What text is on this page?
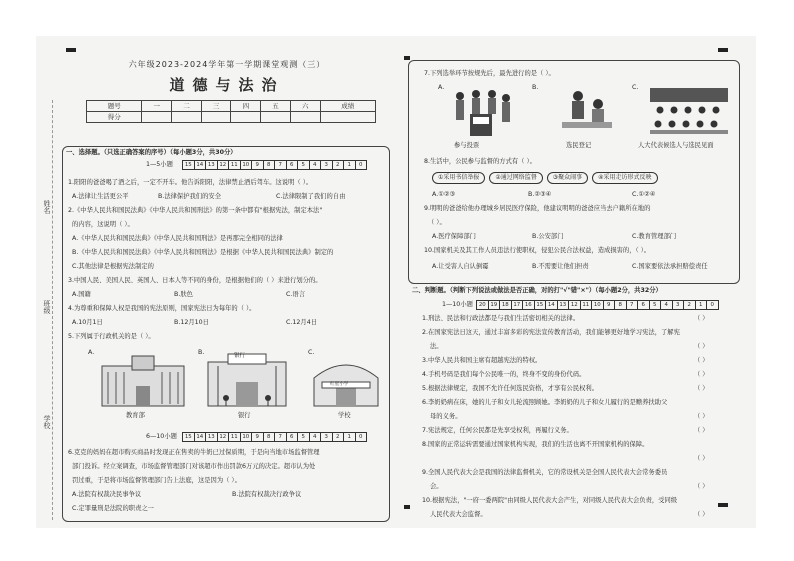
姓名
班级
学校
六年级2023-2024学年第一学期课堂观测（三）
道德与法治
题号	一	二	三	四	五	六	成绩
得分							
一、选择题。（只选正确答案的序号）（每小题3分，共30分）
1—5小题	15 14 13 12 11 10	9	8	7	6	5	4	3	2	1	0
1.阳阳的爸爸喝了酒之后，一定不开车。他告诉阳阳，法律禁止酒后驾车。这说明（ ）。
A.法律让生活更公平	B.法律保护我们的安全	C.法律限制了我们的自由
2.《中华人民共和国民法典》《中华人民共和国刑法》的第一条中都有"根据宪法，制定本法"
的内容，这说明（ ）。
A.《中华人民共和国民法典》《中华人民共和国刑法》是再那完全相同的法律
B.《中华人民共和国民法典》《中华人民共和国刑法》是根据《中华人民共和国民法典》制定的
C.其他法律是根据宪法制定的
3.中国人民、美国人民、英国人、日本人等不同的身份，是根据他们的（ ）来进行划分的。
A.国籍	B.肤色	C.语言
4.为尊重和保障人权是我国的宪法原则，国家宪法日为每年的（ ）。
A.10月1日	B.12月10日	C.12月4日
5.下列属于行政机关的是（ ）。
A.	B.	C.
银行
红星小学
教育部	银行	学校
6—10小题	15 14 13 12 11 10	9	8	7	6	5	4	3	2	1	0
6.克克的妈妈在超市购买商品时发现正在售卖的牛奶已过保质期，于是向当地市场监督管理
部门投诉。经立案调查，市场监督管理部门对该超市作出罚款6万元的决定。超市认为处
罚过重，于是将市场监督管理部门告上法庭，这是因为（ ）。
A.法院有权裁决民事争议	B.法院有权裁决行政争议
C.定罪量刑是法院的职责之一
7.下列选举环节按规先后，最先进行的是（ ）。
A.	B.	C.
参与投票	选民登记	人大代表候选人与选民见面
8.生活中，公民参与监督的方式有（ ）。
①采用书信举报	②通过网络监督	③聚众闹事	④采用走访形式反映
A.①②③	B.②③④	C.①②④
9.明明的爸爸给他办理城乡居民医疗保险，他建议明明的爸爸应当去户籍所在地的
（ ）。
A.医疗保障部门	B.公安部门	C.教育管理部门
10.国家机关及其工作人员违法行使职权，侵犯公民合法权益，造成损害的，（ ）。
A.让受害人自认倒霉	B.不需要让他们担责	C.国家要依法承担赔偿责任
二、判断题。（判断下列说法或做法是否正确，对的打"√"错"×"）（每小题2分，共32分）
1—10小题	20 19 18 17 16 15 14 13 12 11 10	9	8	7	6	5	4	3	2	1	0
1.刑法、民法和行政法都是与我们生活密切相关的法律。	（ ）
2.在国家宪法日这天，通过丰富多彩的宪法宣传教育活动，我们能够更好地学习宪法，了解宪
法。	（ ）
3.中华人民共和国主席有超越宪法的特权。	（ ）
4.手机号码是我们每个公民唯一的，终身不变的身份代码。	（ ）
5.根据法律规定，我国不允许任何选民资格，才享有公民权利。	（ ）
6.李奶奶病在床，她的儿子和女儿轮流照顾她。李奶奶的儿子和女儿履行的是赡养扶助父
母的义务。	（ ）
7.宪法规定，任何公民都是先享受权利，再履行义务。	（ ）
8.国家的正常运转需要通过国家机构实现，我们的生活也离不开国家机构的保障。
（ ）
9.全国人民代表大会是我国的法律监督机关，它的常设机关是全国人民代表大会常务委员
会。	（ ）
10.根据宪法，"一府一委两院"由同级人民代表大会产生，对同级人民代表大会负责，受同级
人民代表大会监督。	（ ）
